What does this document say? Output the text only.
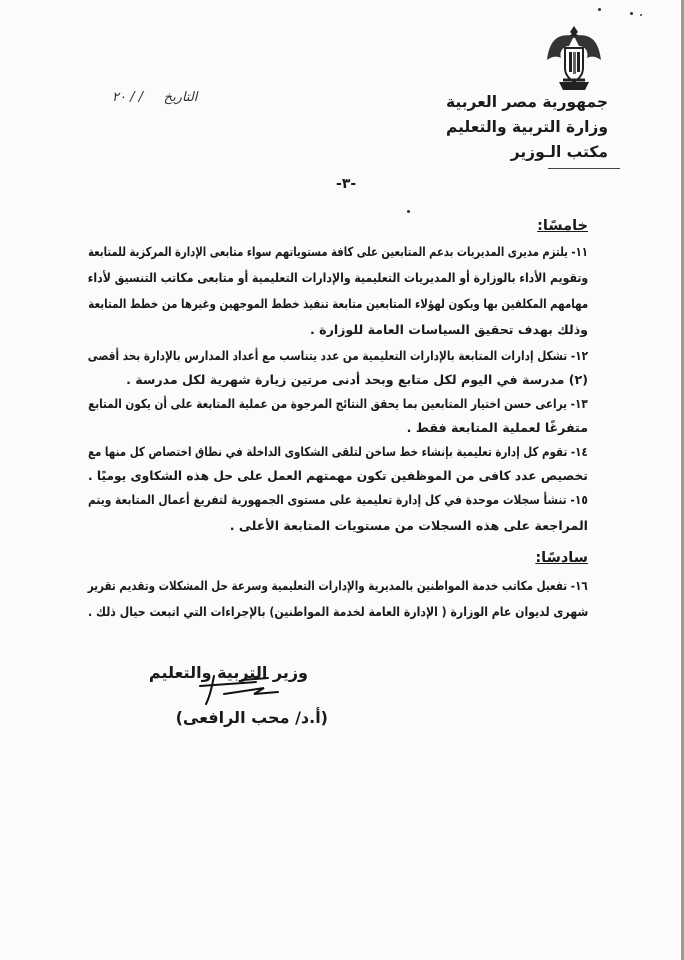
جمهورية مصر العربية
وزارة التربية والتعليم
مكتب الـوزير
التاريخ     / / ٢٠
-٣-
خامسًا:
١١- يلتزم مديرى المديريات بدعم المتابعين على كافة مستوياتهم سواء متابعى الإدارة المركزية للمتابعة
وتقويم الأداء بالوزارة أو المديريات التعليمية والإدارات التعليمية أو متابعى مكاتب التنسيق لأداء
مهامهم المكلفين بها ويكون لهؤلاء المتابعين متابعة تنفيذ خطط الموجهين وغيرها من خطط المتابعة
وذلك بهدف تحقيق السياسات العامة للوزارة .
١٢- تشكل إدارات المتابعة بالإدارات التعليمية من عدد يتناسب مع أعداد المدارس بالإدارة بحد أقصى
(٢) مدرسة في اليوم لكل متابع وبحد أدنى مرتين زيارة شهرية لكل مدرسة .
١٣- يراعى حسن اختيار المتابعين بما يحقق النتائج المرجوة من عملية المتابعة على أن يكون المتابع
متفرغًا لعملية المتابعة فقط .
١٤- تقوم كل إدارة تعليمية بإنشاء خط ساخن لتلقى الشكاوى الداخلة في نطاق اختصاص كل منها مع
تخصيص عدد كافى من الموظفين تكون مهمتهم العمل على حل هذه الشكاوى يوميًا .
١٥- تنشأ سجلات موحدة في كل إدارة تعليمية على مستوى الجمهورية لتفريغ أعمال المتابعة ويتم
المراجعة على هذه السجلات من مستويات المتابعة الأعلى .
سادسًا:
١٦- تفعيل مكاتب خدمة المواطنين بالمديرية والإدارات التعليمية وسرعة حل المشكلات وتقديم تقرير
شهرى لديوان عام الوزارة ( الإدارة العامة لخدمة المواطنين) بالإجراءات التي اتبعت حيال ذلك .
وزير التربية والتعليم
(أ.د/ محب الرافعى)
